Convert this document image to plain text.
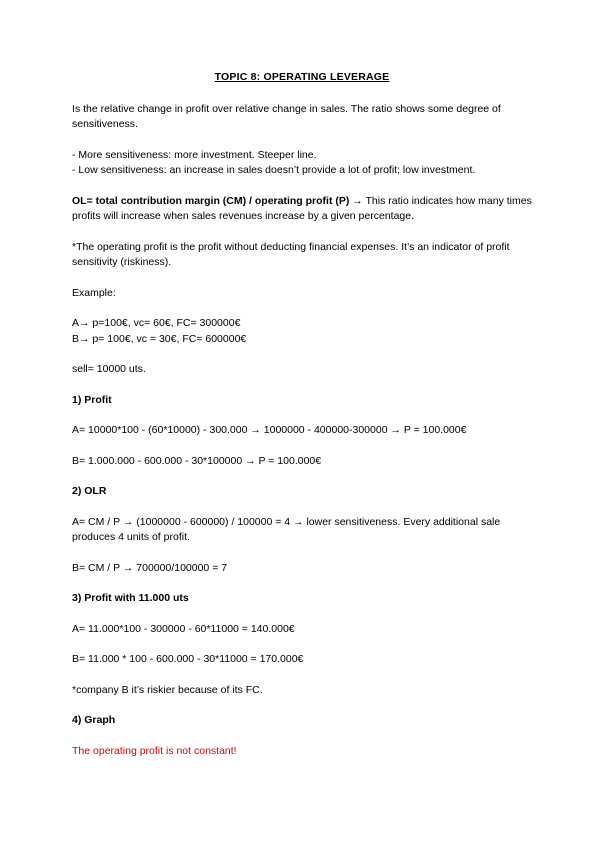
TOPIC 8: OPERATING LEVERAGE

Is the relative change in profit over relative change in sales. The ratio shows some degree of sensitiveness.

- More sensitiveness: more investment. Steeper line.

- Low sensitiveness: an increase in sales doesn’t provide a lot of profit; low investment.

OL= total contribution margin (CM) / operating profit (P) → This ratio indicates how many times profits will increase when sales revenues increase by a given percentage.

*The operating profit is the profit without deducting financial expenses. It’s an indicator of profit sensitivity (riskiness).

Example:

A→ p=100€, vc= 60€, FC= 300000€

B→ p= 100€, vc = 30€, FC= 600000€

sell= 10000 uts.

1) Profit

A= 10000*100 - (60*10000) - 300.000 → 1000000 - 400000-300000 → P = 100.000€

B= 1.000.000 - 600.000 - 30*100000 → P = 100.000€

2) OLR

A= CM / P → (1000000 - 600000) / 100000 = 4 → lower sensitiveness. Every additional sale produces 4 units of profit.

B= CM / P → 700000/100000 = 7

3) Profit with 11.000 uts

A= 11.000*100 - 300000 - 60*11000 = 140.000€

B= 11.000 * 100 - 600.000 - 30*11000 = 170.000€

*company B it’s riskier because of its FC.

4) Graph

The operating profit is not constant!
